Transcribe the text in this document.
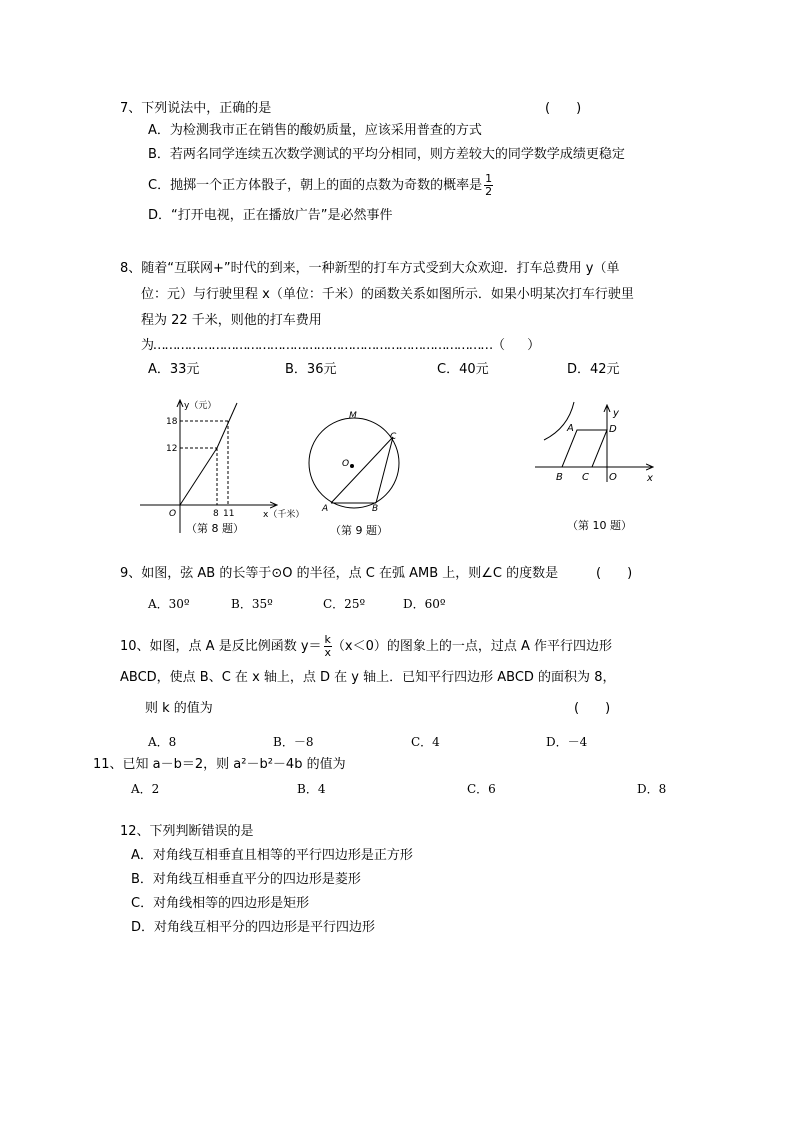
7、下列说法中，正确的是	(　　)
A．为检测我市正在销售的酸奶质量，应该采用普查的方式
B．若两名同学连续五次数学测试的平均分相同，则方差较大的同学数学成绩更稳定
C．抛掷一个正方体骰子，朝上的面的点数为奇数的概率是 $\frac{1}{2}$
D．“打开电视，正在播放广告”是必然事件
8、随着“互联网+”时代的到来，一种新型的打车方式受到大众欢迎．打车总费用 y（单
位：元）与行驶里程 x（单位：千米）的函数关系如图所示．如果小明某次打车行驶里
程为 22 千米，则他的打车费用
为……………………………………………………………………………（　　）
A．33元	B．36元	C．40元	D．42元
y（元）
18
12
O	8 11	x（千米）
（第 8 题）
M
C
O
A	B
（第 9 题）
y
A	D
B C O	x
（第 10 题）
9、如图，弦 AB 的长等于⊙O 的半径，点 C 在弧 AMB 上，则∠C 的度数是	(　　)
A．30º	B．35º	C．25º	D．60º
10、如图，点 A 是反比例函数 $y= \frac{k}{x} (x<0)$的图象上的一点，过点 A 作平行四边形
ABCD，使点 B、C 在 x 轴上，点 D 在 y 轴上．已知平行四边形 ABCD 的面积为 8，
则 k 的值为	(　　)
A．8	B．－8	C．4	D．－4
11、已知 a－b＝2，则 a²－b²－4b 的值为
A．2	B．4	C．6	D．8
12、下列判断错误的是
A．对角线互相垂直且相等的平行四边形是正方形
B．对角线互相垂直平分的四边形是菱形
C．对角线相等的四边形是矩形
D．对角线互相平分的四边形是平行四边形
